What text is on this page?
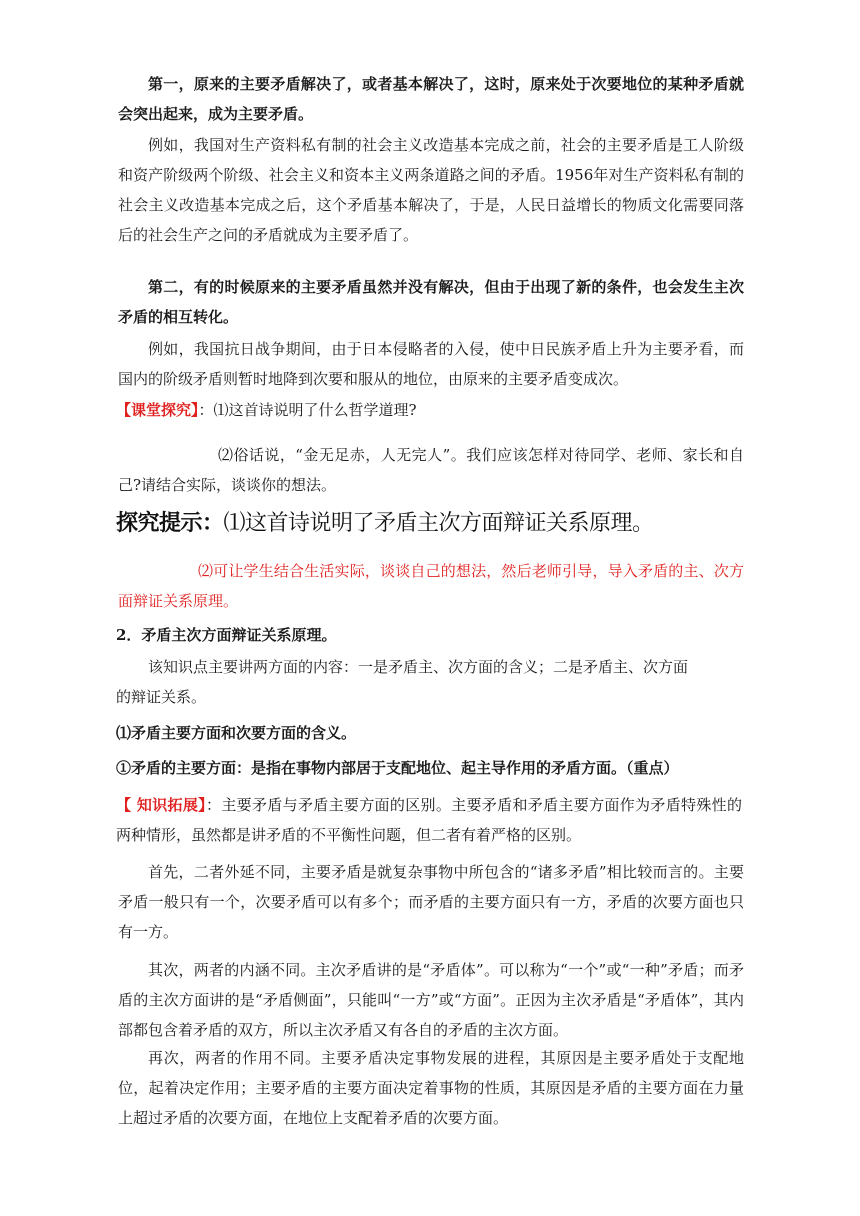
第一，原来的主要矛盾解决了，或者基本解决了，这时，原来处于次要地位的某种矛盾就会突出起来，成为主要矛盾。

例如，我国对生产资料私有制的社会主义改造基本完成之前，社会的主要矛盾是工人阶级和资产阶级两个阶级、社会主义和资本主义两条道路之间的矛盾。1956年对生产资料私有制的社会主义改造基本完成之后，这个矛盾基本解决了，于是，人民日益增长的物质文化需要同落后的社会生产之问的矛盾就成为主要矛盾了。

第二，有的时候原来的主要矛盾虽然并没有解决，但由于出现了新的条件，也会发生主次矛盾的相互转化。

例如，我国抗日战争期间，由于日本侵略者的入侵，使中日民族矛盾上升为主要矛看，而国内的阶级矛盾则暂时地降到次要和服从的地位，由原来的主要矛盾变成次。

【课堂探究】：⑴这首诗说明了什么哲学道理?

⑵俗话说，“金无足赤，人无完人”。我们应该怎样对待同学、老师、家长和自己?请结合实际，谈谈你的想法。

探究提示：⑴这首诗说明了矛盾主次方面辩证关系原理。

⑵可让学生结合生活实际，谈谈自己的想法，然后老师引导，导入矛盾的主、次方面辩证关系原理。

2．矛盾主次方面辩证关系原理。

该知识点主要讲两方面的内容：一是矛盾主、次方面的含义；二是矛盾主、次方面

的辩证关系。

⑴矛盾主要方面和次要方面的含义。

①矛盾的主要方面：是指在事物内部居于支配地位、起主导作用的矛盾方面。（重点）

【 知识拓展】：主要矛盾与矛盾主要方面的区别。主要矛盾和矛盾主要方面作为矛盾特殊性的两种情形，虽然都是讲矛盾的不平衡性问题，但二者有着严格的区别。

首先，二者外延不同，主要矛盾是就复杂事物中所包含的“诸多矛盾”相比较而言的。主要矛盾一般只有一个，次要矛盾可以有多个；而矛盾的主要方面只有一方，矛盾的次要方面也只有一方。

其次，两者的内涵不同。主次矛盾讲的是“矛盾体”。可以称为“一个”或“一种”矛盾；而矛盾的主次方面讲的是“矛盾侧面”，只能叫“一方”或“方面”。正因为主次矛盾是“矛盾体”，其内部都包含着矛盾的双方，所以主次矛盾又有各自的矛盾的主次方面。

再次，两者的作用不同。主要矛盾决定事物发展的进程，其原因是主要矛盾处于支配地位，起着决定作用；主要矛盾的主要方面决定着事物的性质，其原因是矛盾的主要方面在力量上超过矛盾的次要方面，在地位上支配着矛盾的次要方面。
